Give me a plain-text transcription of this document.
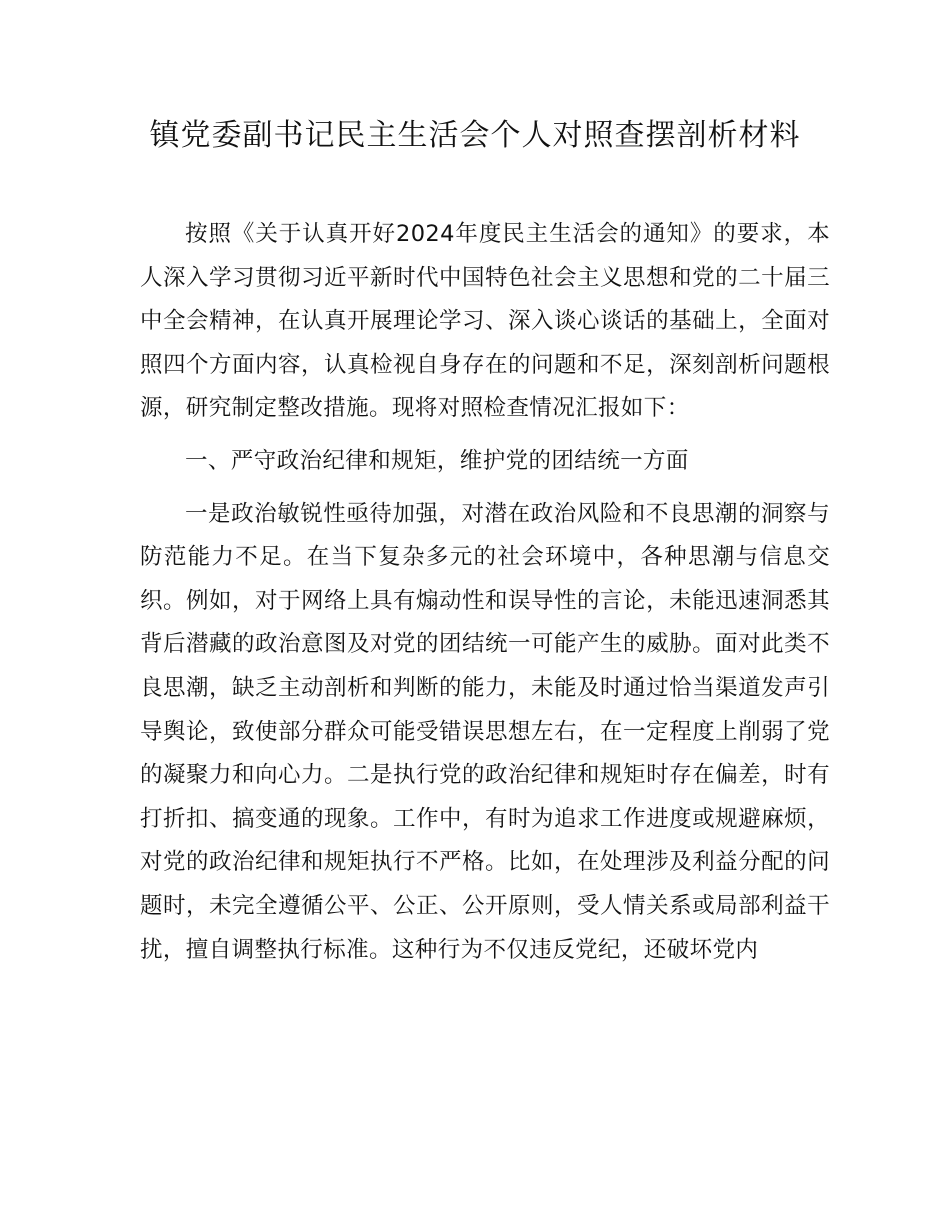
镇党委副书记民主生活会个人对照查摆剖析材料

按照《关于认真开好2024年度民主生活会的通知》的要求，本人深入学习贯彻习近平新时代中国特色社会主义思想和党的二十届三中全会精神，在认真开展理论学习、深入谈心谈话的基础上，全面对照四个方面内容，认真检视自身存在的问题和不足，深刻剖析问题根源，研究制定整改措施。现将对照检查情况汇报如下：

一、严守政治纪律和规矩，维护党的团结统一方面

一是政治敏锐性亟待加强，对潜在政治风险和不良思潮的洞察与防范能力不足。在当下复杂多元的社会环境中，各种思潮与信息交织。例如，对于网络上具有煽动性和误导性的言论，未能迅速洞悉其背后潜藏的政治意图及对党的团结统一可能产生的威胁。面对此类不良思潮，缺乏主动剖析和判断的能力，未能及时通过恰当渠道发声引导舆论，致使部分群众可能受错误思想左右，在一定程度上削弱了党的凝聚力和向心力。二是执行党的政治纪律和规矩时存在偏差，时有打折扣、搞变通的现象。工作中，有时为追求工作进度或规避麻烦，对党的政治纪律和规矩执行不严格。比如，在处理涉及利益分配的问题时，未完全遵循公平、公正、公开原则，受人情关系或局部利益干扰，擅自调整执行标准。这种行为不仅违反党纪，还破坏党内
